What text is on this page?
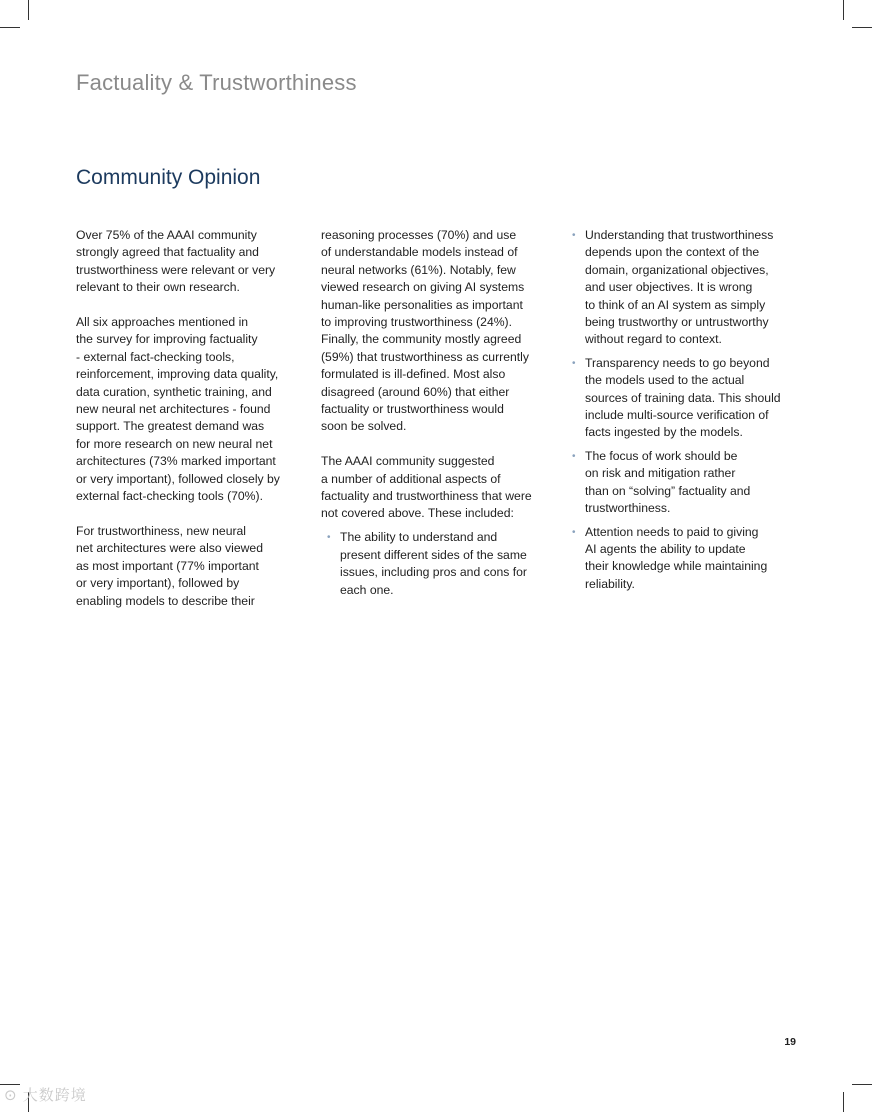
Factuality & Trustworthiness
Community Opinion

Over 75% of the AAAI community
strongly agreed that factuality and
trustworthiness were relevant or very
relevant to their own research.

All six approaches mentioned in
the survey for improving factuality
- external fact-checking tools,
reinforcement, improving data quality,
data curation, synthetic training, and
new neural net architectures - found
support. The greatest demand was
for more research on new neural net
architectures (73% marked important
or very important), followed closely by
external fact-checking tools (70%).

For trustworthiness, new neural
net architectures were also viewed
as most important (77% important
or very important), followed by
enabling models to describe their

reasoning processes (70%) and use
of understandable models instead of
neural networks (61%). Notably, few
viewed research on giving AI systems
human-like personalities as important
to improving trustworthiness (24%).
Finally, the community mostly agreed
(59%) that trustworthiness as currently
formulated is ill-defined. Most also
disagreed (around 60%) that either
factuality or trustworthiness would
soon be solved.

The AAAI community suggested
a number of additional aspects of
factuality and trustworthiness that were
not covered above. These included:

• The ability to understand and
present different sides of the same
issues, including pros and cons for
each one.
• Understanding that trustworthiness
depends upon the context of the
domain, organizational objectives,
and user objectives. It is wrong
to think of an AI system as simply
being trustworthy or untrustworthy
without regard to context.
• Transparency needs to go beyond
the models used to the actual
sources of training data. This should
include multi-source verification of
facts ingested by the models.
• The focus of work should be
on risk and mitigation rather
than on “solving” factuality and
trustworthiness.
• Attention needs to paid to giving
AI agents the ability to update
their knowledge while maintaining
reliability.
19
⊙ 大数跨境
